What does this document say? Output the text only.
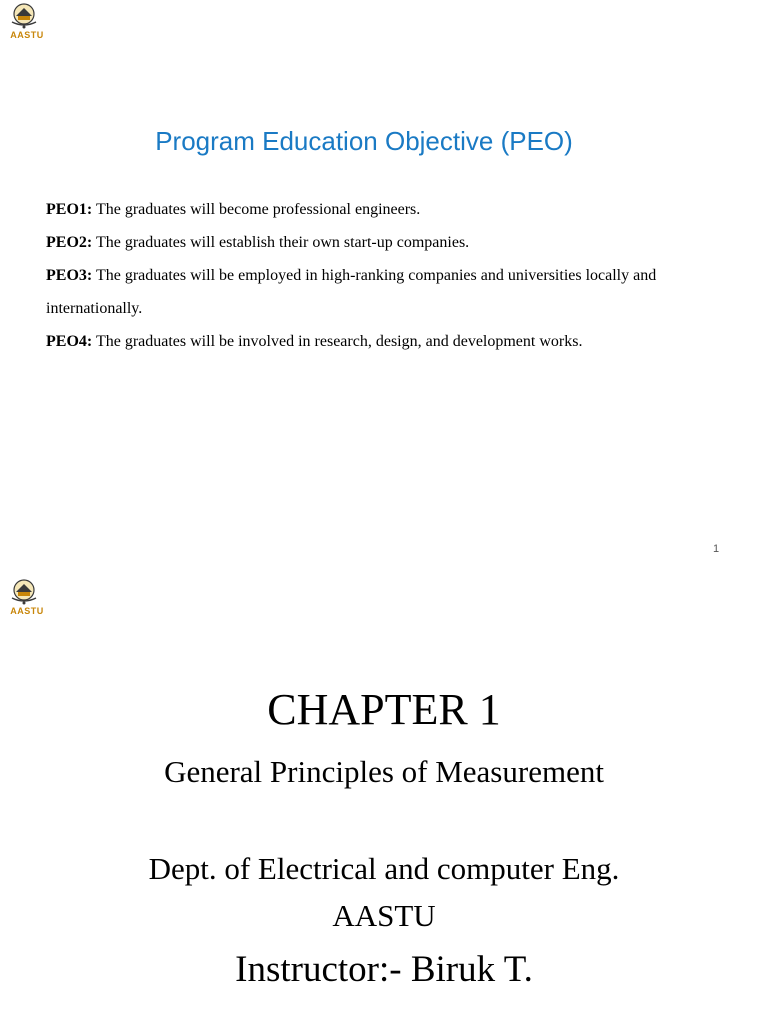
AASTU
Program Education Objective (PEO)
PEO1: The graduates will become professional engineers.
PEO2: The graduates will establish their own start-up companies.
PEO3: The graduates will be employed in high-ranking companies and universities locally and internationally.
PEO4: The graduates will be involved in research, design, and development works.
1
AASTU
CHAPTER 1
General Principles of Measurement
Dept. of Electrical and computer Eng.
AASTU
Instructor:- Biruk T.
